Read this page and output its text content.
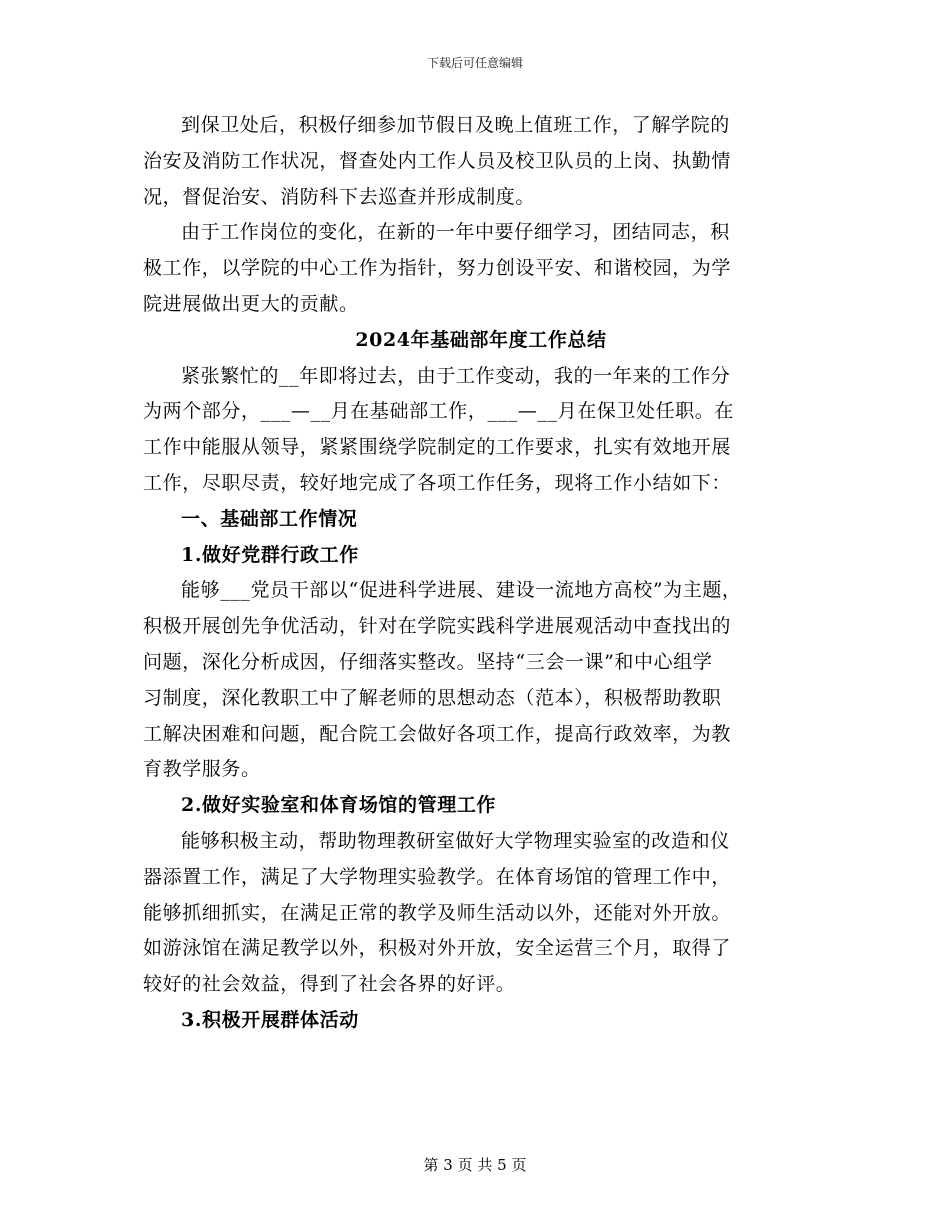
下载后可任意编辑
到保卫处后，积极仔细参加节假日及晚上值班工作，了解学院的
治安及消防工作状况，督查处内工作人员及校卫队员的上岗、执勤情
况，督促治安、消防科下去巡查并形成制度。
由于工作岗位的变化，在新的一年中要仔细学习，团结同志，积
极工作，以学院的中心工作为指针，努力创设平安、和谐校园，为学
院进展做出更大的贡献。
2024年基础部年度工作总结
紧张繁忙的__年即将过去，由于工作变动，我的一年来的工作分
为两个部分，___—__月在基础部工作，___—__月在保卫处任职。在
工作中能服从领导，紧紧围绕学院制定的工作要求，扎实有效地开展
工作，尽职尽责，较好地完成了各项工作任务，现将工作小结如下：
一、基础部工作情况
1.做好党群行政工作
能够___党员干部以“促进科学进展、建设一流地方高校”为主题，
积极开展创先争优活动，针对在学院实践科学进展观活动中查找出的
问题，深化分析成因，仔细落实整改。坚持“三会一课”和中心组学
习制度，深化教职工中了解老师的思想动态（范本），积极帮助教职
工解决困难和问题，配合院工会做好各项工作，提高行政效率，为教
育教学服务。
2.做好实验室和体育场馆的管理工作
能够积极主动，帮助物理教研室做好大学物理实验室的改造和仪
器添置工作，满足了大学物理实验教学。在体育场馆的管理工作中，
能够抓细抓实，在满足正常的教学及师生活动以外，还能对外开放。
如游泳馆在满足教学以外，积极对外开放，安全运营三个月，取得了
较好的社会效益，得到了社会各界的好评。
3.积极开展群体活动
第 3 页 共 5 页
